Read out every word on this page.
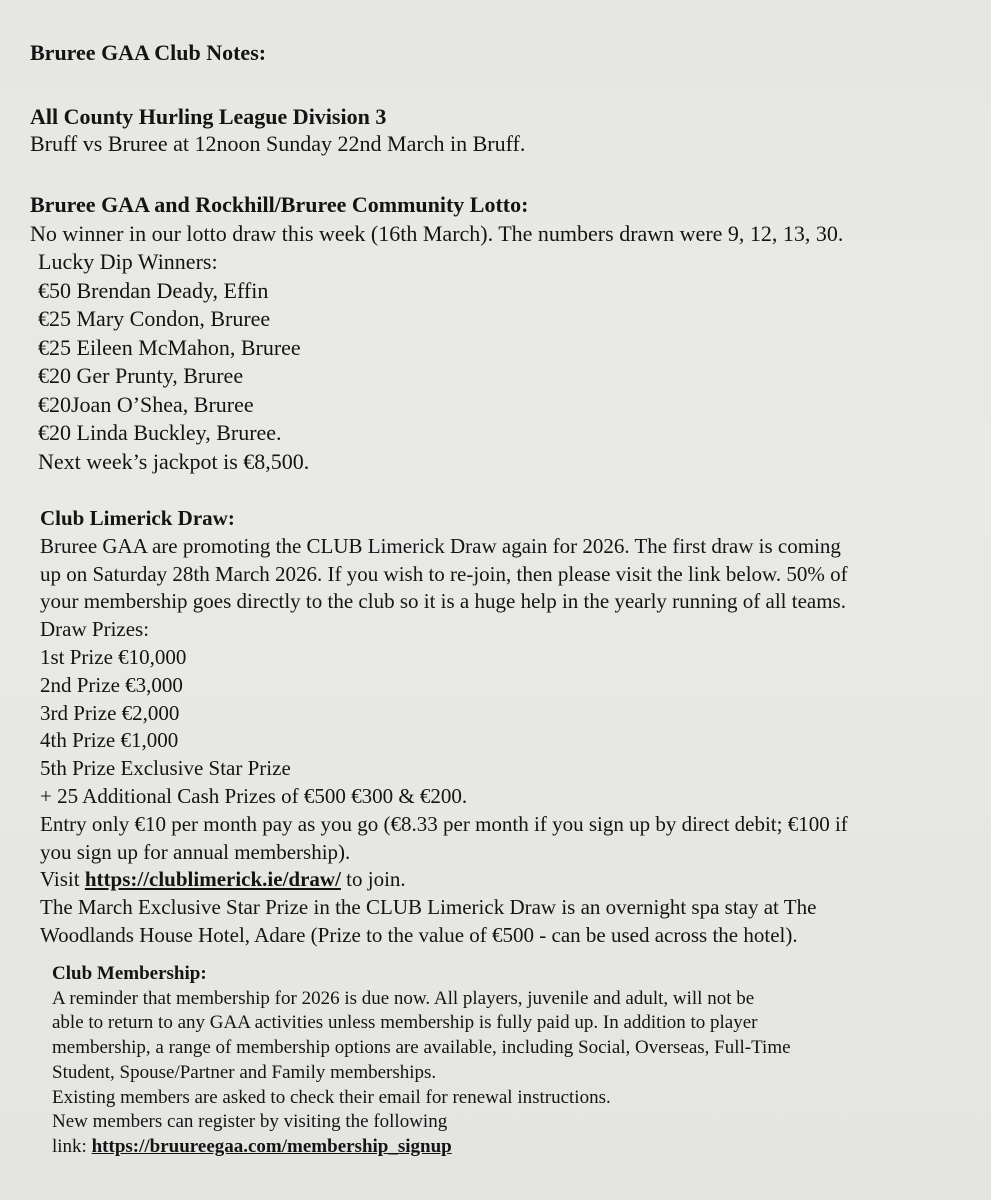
Bruree GAA Club Notes:
All County Hurling League Division 3
Bruff vs Bruree at 12noon Sunday 22nd March in Bruff.
Bruree GAA and Rockhill/Bruree Community Lotto:
No winner in our lotto draw this week (16th March). The numbers drawn were 9, 12, 13, 30.
Lucky Dip Winners:
€50 Brendan Deady, Effin
€25 Mary Condon, Bruree
€25 Eileen McMahon, Bruree
€20 Ger Prunty, Bruree
€20Joan O’Shea, Bruree
€20 Linda Buckley, Bruree.
Next week’s jackpot is €8,500.
Club Limerick Draw:
Bruree GAA are promoting the CLUB Limerick Draw again for 2026. The first draw is coming
up on Saturday 28th March 2026. If you wish to re-join, then please visit the link below. 50% of
your membership goes directly to the club so it is a huge help in the yearly running of all teams.
Draw Prizes:
1st Prize €10,000
2nd Prize €3,000
3rd Prize €2,000
4th Prize €1,000
5th Prize Exclusive Star Prize
+ 25 Additional Cash Prizes of €500 €300 & €200.
Entry only €10 per month pay as you go (€8.33 per month if you sign up by direct debit; €100 if
you sign up for annual membership).
Visit https://clublimerick.ie/draw/ to join.
The March Exclusive Star Prize in the CLUB Limerick Draw is an overnight spa stay at The
Woodlands House Hotel, Adare (Prize to the value of €500 - can be used across the hotel).
Club Membership:
A reminder that membership for 2026 is due now. All players, juvenile and adult, will not be
able to return to any GAA activities unless membership is fully paid up. In addition to player
membership, a range of membership options are available, including Social, Overseas, Full-Time
Student, Spouse/Partner and Family memberships.
Existing members are asked to check their email for renewal instructions.
New members can register by visiting the following
link: https://bruureegaa.com/membership_signup
